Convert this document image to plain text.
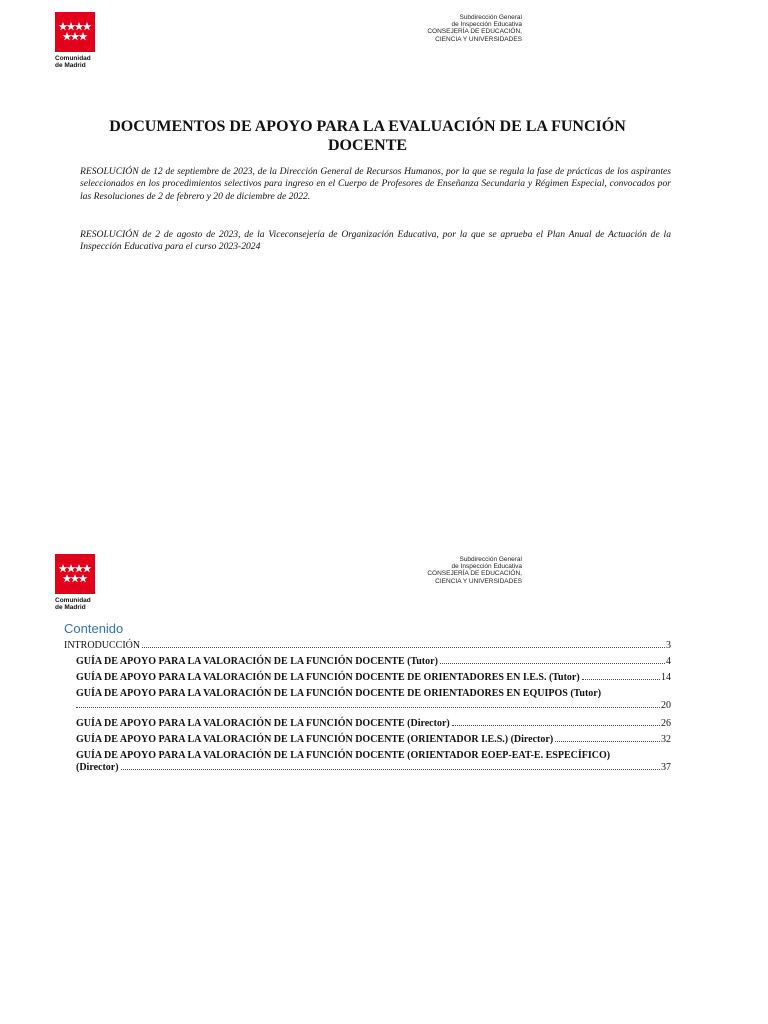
Comunidad
de Madrid
Subdirección General
de Inspección Educativa
CONSEJERÍA DE EDUCACIÓN,
CIENCIA Y UNIVERSIDADES
DOCUMENTOS DE APOYO PARA LA EVALUACIÓN DE LA FUNCIÓN
DOCENTE

RESOLUCIÓN de 12 de septiembre de 2023, de la Dirección General de Recursos Humanos, por la que se regula la fase de prácticas de los aspirantes seleccionados en los procedimientos selectivos para ingreso en el Cuerpo de Profesores de Enseñanza Secundaria y Régimen Especial, convocados por las Resoluciones de 2 de febrero y 20 de diciembre de 2022.

RESOLUCIÓN de 2 de agosto de 2023, de la Viceconsejería de Organización Educativa, por la que se aprueba el Plan Anual de Actuación de la Inspección Educativa para el curso 2023-2024

Comunidad
de Madrid
Subdirección General
de Inspección Educativa
CONSEJERÍA DE EDUCACIÓN,
CIENCIA Y UNIVERSIDADES
Contenido
INTRODUCCIÓN	3
GUÍA DE APOYO PARA LA VALORACIÓN DE LA FUNCIÓN DOCENTE (Tutor)	4
GUÍA DE APOYO PARA LA VALORACIÓN DE LA FUNCIÓN DOCENTE DE ORIENTADORES EN I.E.S. (Tutor)	14
GUÍA DE APOYO PARA LA VALORACIÓN DE LA FUNCIÓN DOCENTE DE ORIENTADORES EN EQUIPOS (Tutor)
20
GUÍA DE APOYO PARA LA VALORACIÓN DE LA FUNCIÓN DOCENTE (Director)	26
GUÍA DE APOYO PARA LA VALORACIÓN DE LA FUNCIÓN DOCENTE (ORIENTADOR I.E.S.) (Director)	32
GUÍA DE APOYO PARA LA VALORACIÓN DE LA FUNCIÓN DOCENTE (ORIENTADOR EOEP-EAT-E. ESPECÍFICO)
(Director)	37
